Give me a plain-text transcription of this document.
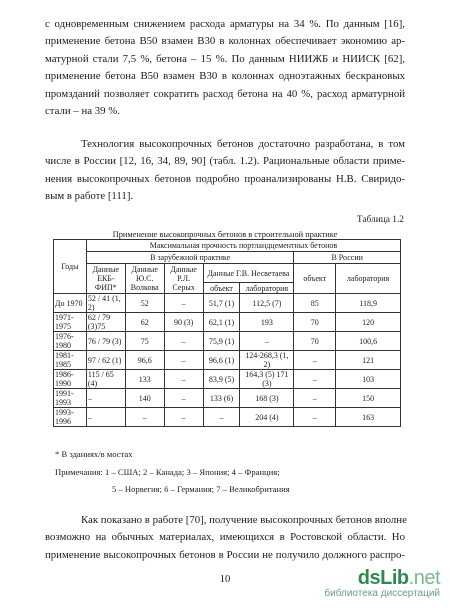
с одновременным снижением расхода арматуры на 34 %. По данным [16],
применение бетона В50 взамен В30 в колоннах обеспечивает экономию ар-
матурной стали 7,5 %, бетона – 15 %. По данным НИИЖБ и НИИСК [62],
применение бетона В50 взамен В30 в колоннах одноэтажных бескрановых
промзданий позволяет сократить расход бетона на 40 %, расход арматурной
стали – на 39 %.

Технология высокопрочных бетонов достаточно разработана, в том
числе в России [12, 16, 34, 89, 90] (табл. 1.2). Рациональные области приме-
нения высокопрочных бетонов подробно проанализированы Н.В. Свиридо-
вым в работе [111].

Таблица 1.2

Применение высокопрочных бетонов в строительной практике

Годы	Максимальная прочность портландцементных бетонов						
	В зарубежной практике					В России	
	Данные ЕКБ-ФИП*	Данные Ю.С. Волкова	Данные Р.Л. Серых	Данные Г.В. Несветаева		объект	лаборатория
				объект	лаборатория		
До 1970	52 / 41 (1, 2)	52	–	51,7 (1)	112,5 (7)	85	118,9
1971-1975	62 / 79 (3)75	62	90 (3)	62,1 (1)	193	70	120
1976-1980	76 / 79 (3)	75	–	75,9 (1)	–	70	100,6
1981-1985	97 / 62 (1)	96,6	–	96,6 (1)	124-268,3 (1, 2)	–	121
1986-1990	115 / 65 (4)	133	–	83,9 (5)	164,3 (5) 171 (3)	–	103
1991-1993	–	140	–	133 (6)	168 (3)	–	150
1993-1996	–	–	–	–	204 (4)	–	163

* В зданиях/в мостах

Примечания: 1 – США; 2 – Канада; 3 – Япония; 4 – Франция;

5 – Норвегия; 6 – Германия; 7 – Великобритания

Как показано в работе [70], получение высокопрочных бетонов вполне
возможно на обычных материалах, имеющихся в Ростовской области. Но
применение высокопрочных бетонов в России не получило должного распро-

10	dsLib.net
библиотека диссертаций
